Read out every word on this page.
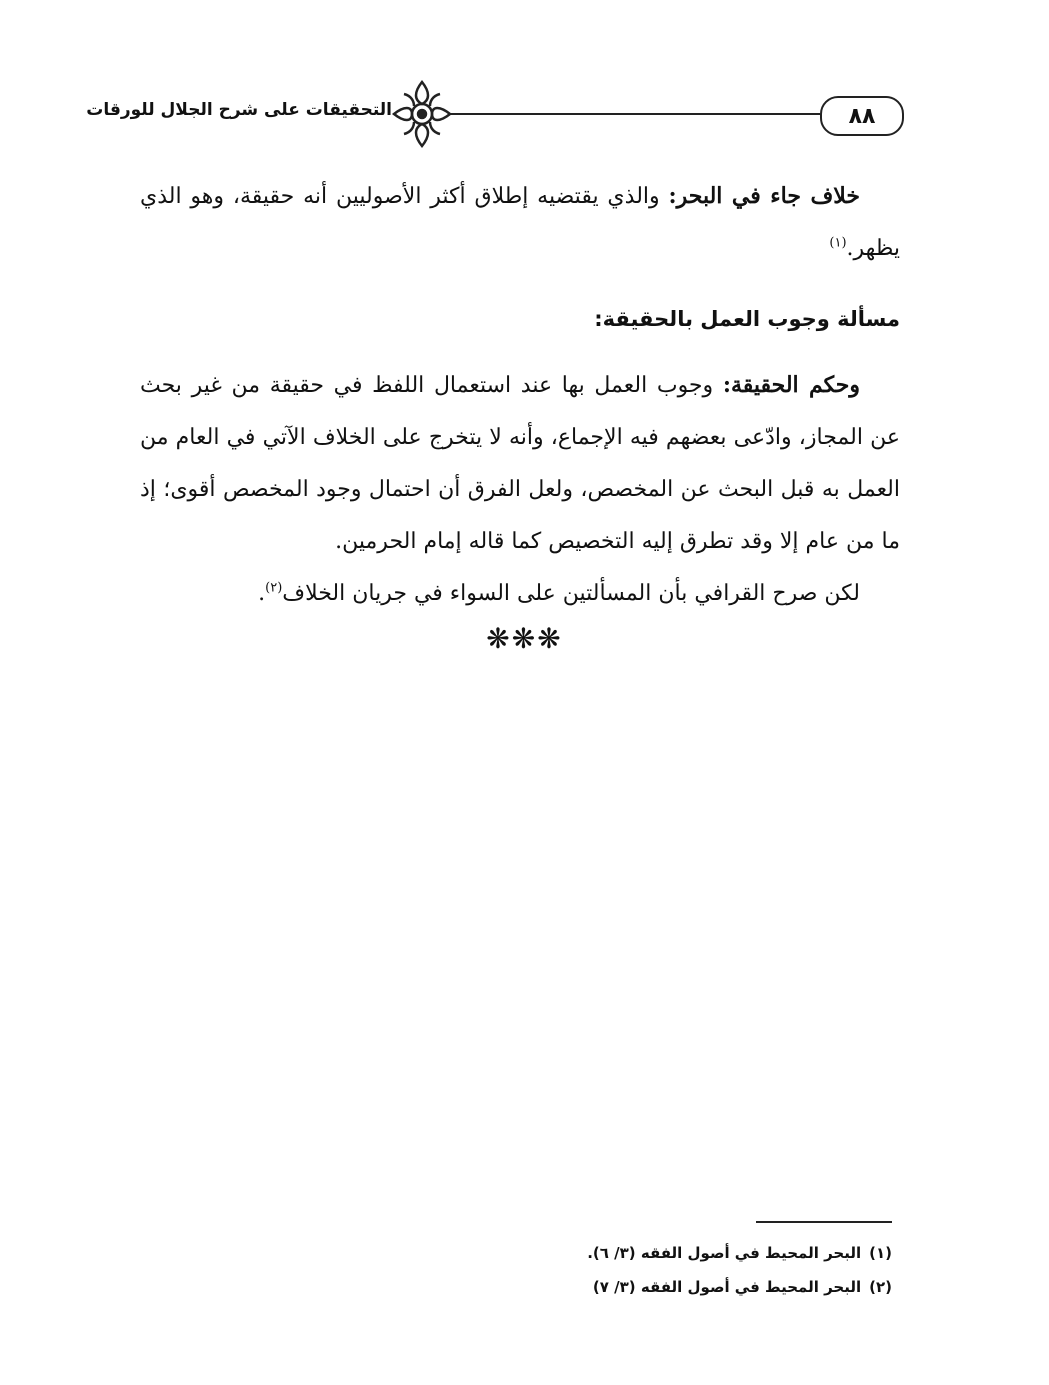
التحقيقات على شرح الجلال للورقات	٨٨

خلاف جاء في البحر: والذي يقتضيه إطلاق أكثر الأصوليين أنه حقيقة، وهو الذي يظهر.$^{(١)}$

مسألة وجوب العمل بالحقيقة:

وحكم الحقيقة: وجوب العمل بها عند استعمال اللفظ في حقيقة من غير بحث عن المجاز، وادّعى بعضهم فيه الإجماع، وأنه لا يتخرج على الخلاف الآتي في العام من العمل به قبل البحث عن المخصص، ولعل الفرق أن احتمال وجود المخصص أقوى؛ إذ ما من عام إلا وقد تطرق إليه التخصيص كما قاله إمام الحرمين.

لكن صرح القرافي بأن المسألتين على السواء في جريان الخلاف$^{(٢)}$.

❋❋❋
(١)البحر المحيط في أصول الفقه (٣/ ٦).
(٢)البحر المحيط في أصول الفقه (٣/ ٧)
